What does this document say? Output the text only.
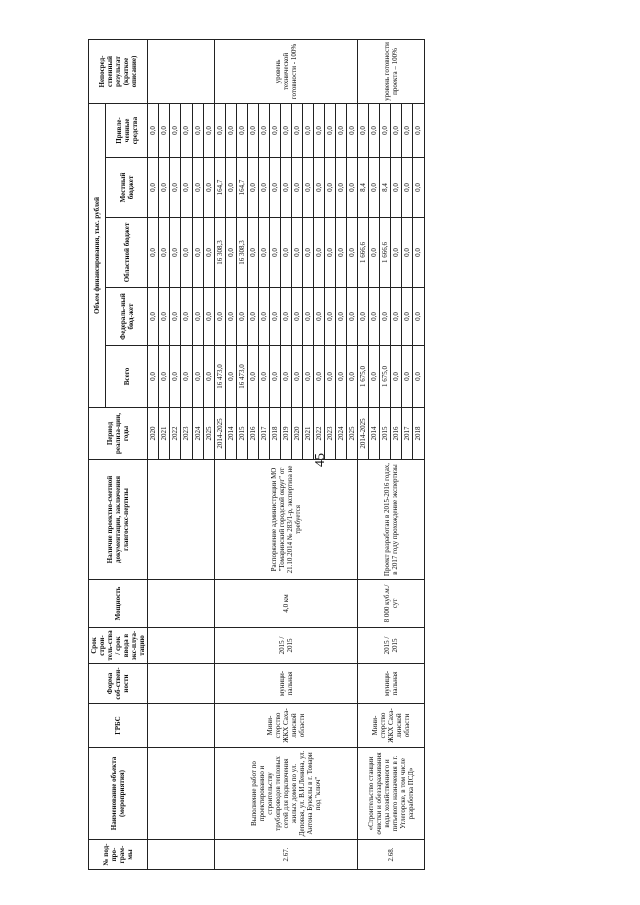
45
№ под-про-грам-мы	Наименование объекта (мероприятия)	ГРБС	Форма соб-ствен-ности	Срок строи-тель-ства / срок ввода в экс-плуа-тацию	Мощность	Наличие проектно-сметной документации, заключения главгосэкс-пертизы	Период реализа-ции, годы	Объем финансирования, тыс. рублей					Непосред-ственный результат (краткое описание)
								Всего	Федераль-ный бюд-жет	Областной бюджет	Местный бюджет	Привле-ченные средства	
							2020	0,0	0,0	0,0	0,0	0,0	
							2021	0,0	0,0	0,0	0,0	0,0	
							2022	0,0	0,0	0,0	0,0	0,0	
							2023	0,0	0,0	0,0	0,0	0,0	
							2024	0,0	0,0	0,0	0,0	0,0	
							2025	0,0	0,0	0,0	0,0	0,0	
2.67.	Выполнение работ по проектированию и строительству трубопроводов тепловых сетей для подключения жилых домов по ул. Деповая, ул. В.И.Ленина, ул. Антона Буюклы в г. Томари под "ключ"	Мини-стерство ЖКХ Саха-линской области	муници-пальная	2015 / 2015	4,0 км	Распоряжение администрации МО "Томаринский городской округ" от 21.10.2014 № 283/1-р, экспертиза не требуется	2014-2025	16 473,0	0,0	16 308,3	164,7	0,0	уровень технической готовности - 100%
							2014	0,0	0,0	0,0	0,0	0,0	
							2015	16 473,0	0,0	16 308,3	164,7	0,0	
							2016	0,0	0,0	0,0	0,0	0,0	
							2017	0,0	0,0	0,0	0,0	0,0	
							2018	0,0	0,0	0,0	0,0	0,0	
							2019	0,0	0,0	0,0	0,0	0,0	
							2020	0,0	0,0	0,0	0,0	0,0	
							2021	0,0	0,0	0,0	0,0	0,0	
							2022	0,0	0,0	0,0	0,0	0,0	
							2023	0,0	0,0	0,0	0,0	0,0	
							2024	0,0	0,0	0,0	0,0	0,0	
							2025	0,0	0,0	0,0	0,0	0,0	
2.68.	«Строительство станции очистки и обеззараживания воды хозяйственного и питьевого назначения в г. Углегорске, в том числе разработка ПСД»	Мини-стерство ЖКХ Саха-линской области	муници-пальная	2015 / 2015	8 000 куб.м./сут	Проект разработан в 2015-2016 годах, в 2017 году прохождение экспертизы	2014-2025	1 675,0	0,0	1 666,6	8,4	0,0	уровень готовности проекта – 100%
							2014	0,0	0,0	0,0	0,0	0,0	
							2015	1 675,0	0,0	1 666,6	8,4	0,0	
							2016	0,0	0,0	0,0	0,0	0,0	
							2017	0,0	0,0	0,0	0,0	0,0	
							2018	0,0	0,0	0,0	0,0	0,0	
